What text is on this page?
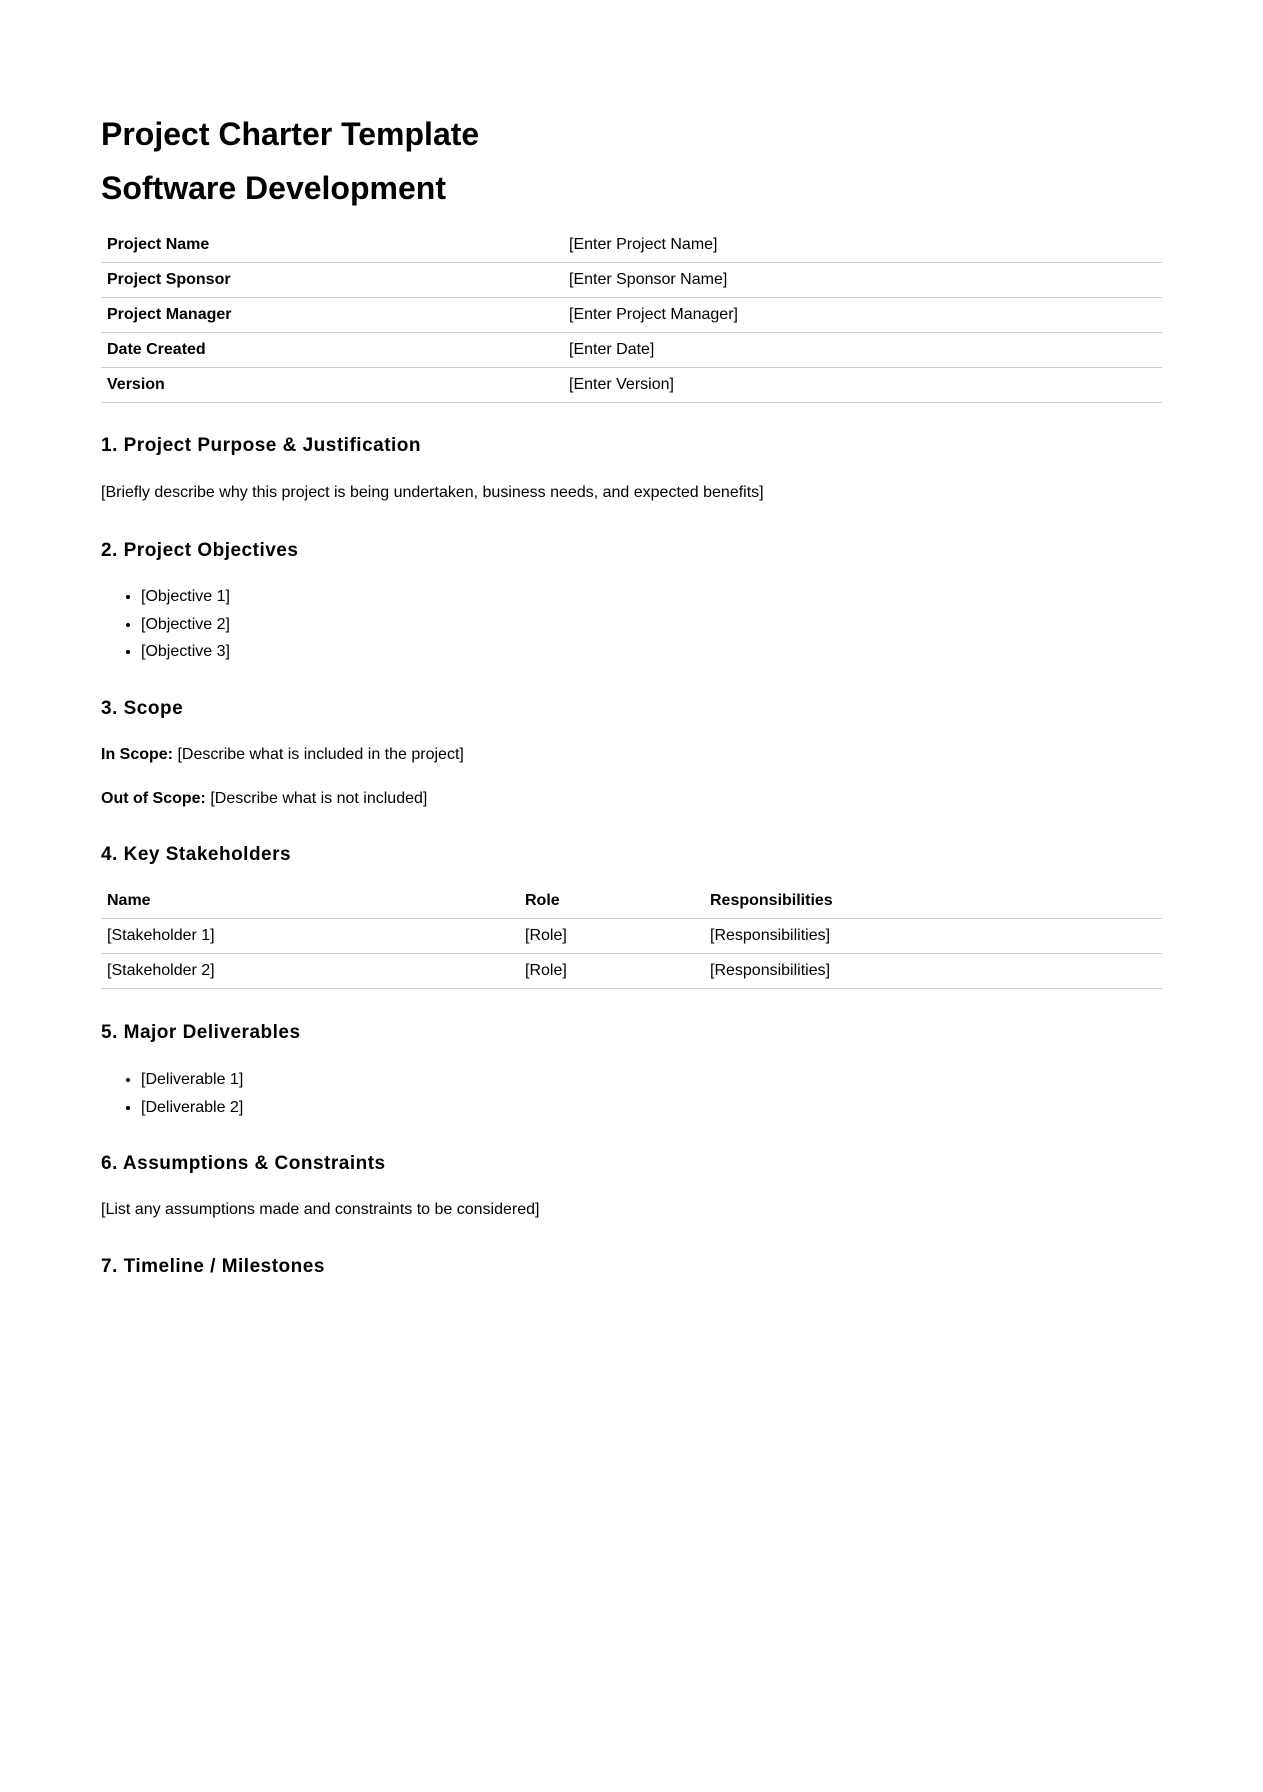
Project Charter Template
Software Development
Project Name	[Enter Project Name]
Project Sponsor	[Enter Sponsor Name]
Project Manager	[Enter Project Manager]
Date Created	[Enter Date]
Version	[Enter Version]
1. Project Purpose & Justification

[Briefly describe why this project is being undertaken, business needs, and expected benefits]

2. Project Objectives
• [Objective 1]
• [Objective 2]
• [Objective 3]
3. Scope

In Scope: [Describe what is included in the project]

Out of Scope: [Describe what is not included]

4. Key Stakeholders
Name	Role	Responsibilities
[Stakeholder 1]	[Role]	[Responsibilities]
[Stakeholder 2]	[Role]	[Responsibilities]
5. Major Deliverables
• [Deliverable 1]
• [Deliverable 2]
6. Assumptions & Constraints

[List any assumptions made and constraints to be considered]

7. Timeline / Milestones
